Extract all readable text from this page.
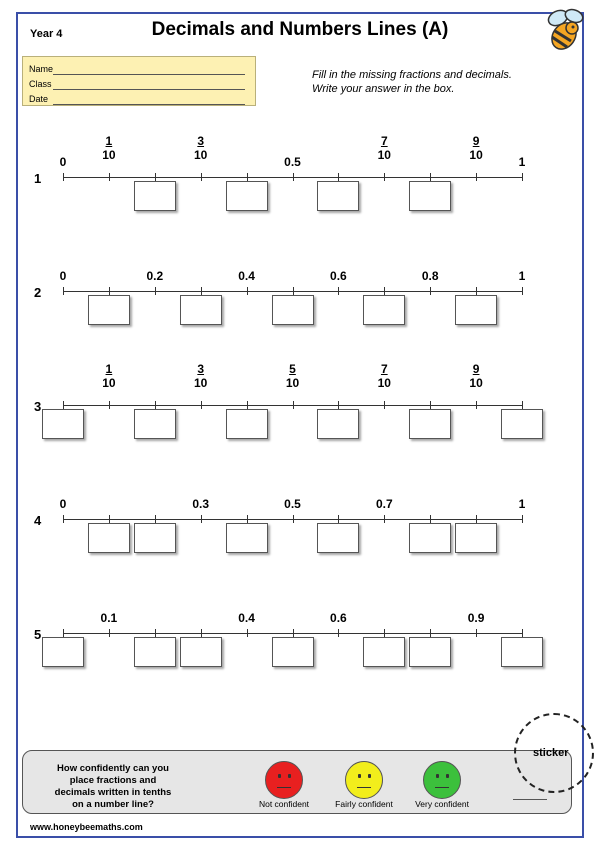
Year 4	Decimals and Numbers Lines (A)
Name
Class
Date
Fill in the missing fractions and decimals.
Write your answer in the box.
1
0	$\frac{1}{10}$	$\frac{3}{10}$	0.5	$\frac{7}{10}$	$\frac{9}{10}$	1
2
0	0.2	0.4	0.6	0.8	1
3
$\frac{1}{10}$	$\frac{3}{10}$	$\frac{5}{10}$	$\frac{7}{10}$	$\frac{9}{10}$
4
0	0.3	0.5	0.7	1
5
0.1	0.4	0.6	0.9
How confidently can you place fractions and decimals written in tenths on a number line?	Not confident	Fairly confident	Very confident
sticker
www.honeybeemaths.com
